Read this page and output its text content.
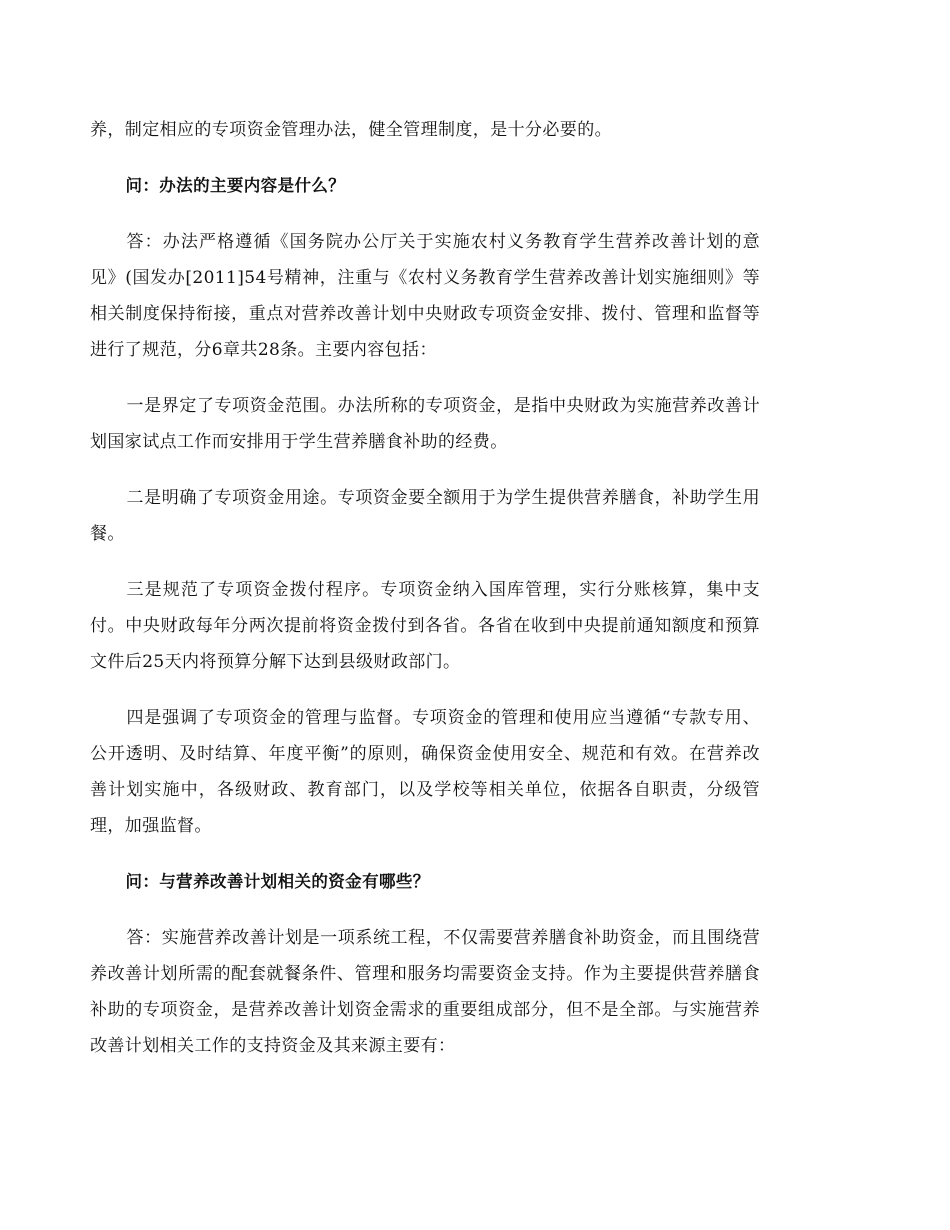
养，制定相应的专项资金管理办法，健全管理制度，是十分必要的。

问：办法的主要内容是什么？

答：办法严格遵循《国务院办公厅关于实施农村义务教育学生营养改善计划的意见》(国发办[2011]54号精神，注重与《农村义务教育学生营养改善计划实施细则》等相关制度保持衔接，重点对营养改善计划中央财政专项资金安排、拨付、管理和监督等进行了规范，分6章共28条。主要内容包括：

一是界定了专项资金范围。办法所称的专项资金，是指中央财政为实施营养改善计划国家试点工作而安排用于学生营养膳食补助的经费。

二是明确了专项资金用途。专项资金要全额用于为学生提供营养膳食，补助学生用餐。

三是规范了专项资金拨付程序。专项资金纳入国库管理，实行分账核算，集中支付。中央财政每年分两次提前将资金拨付到各省。各省在收到中央提前通知额度和预算文件后25天内将预算分解下达到县级财政部门。

四是强调了专项资金的管理与监督。专项资金的管理和使用应当遵循“专款专用、公开透明、及时结算、年度平衡”的原则，确保资金使用安全、规范和有效。在营养改善计划实施中，各级财政、教育部门，以及学校等相关单位，依据各自职责，分级管理，加强监督。

问：与营养改善计划相关的资金有哪些？

答：实施营养改善计划是一项系统工程，不仅需要营养膳食补助资金，而且围绕营养改善计划所需的配套就餐条件、管理和服务均需要资金支持。作为主要提供营养膳食补助的专项资金，是营养改善计划资金需求的重要组成部分，但不是全部。与实施营养改善计划相关工作的支持资金及其来源主要有：
